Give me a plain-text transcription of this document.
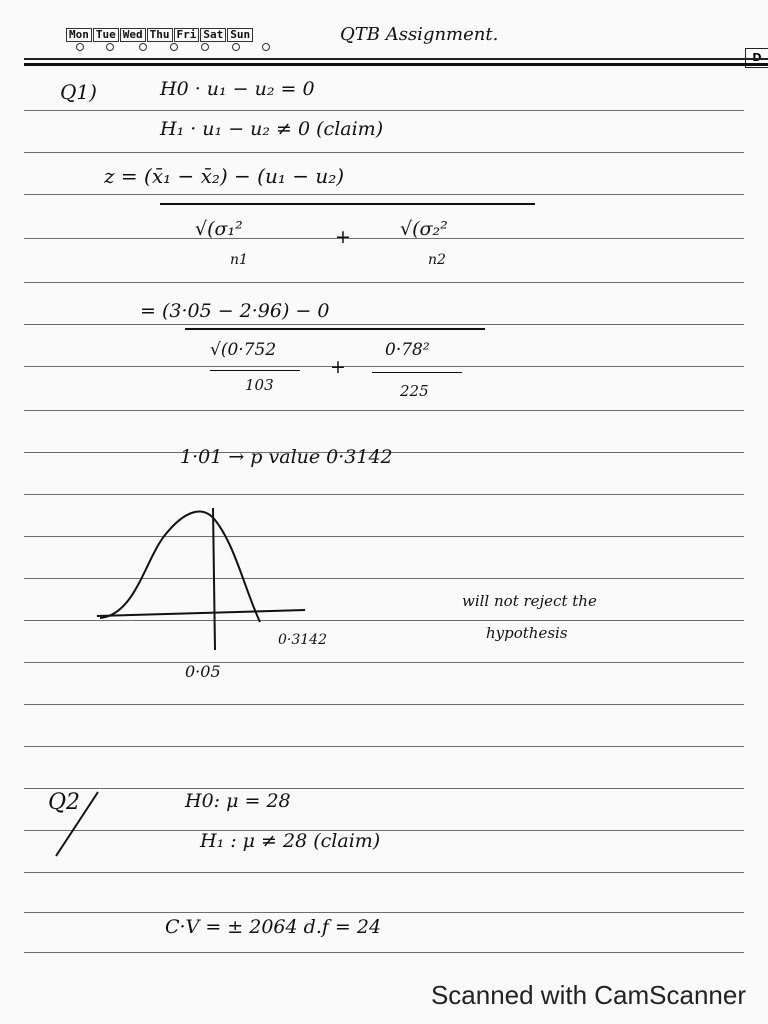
Mon Tue Wed Thu Fri Sat Sun	QTB Assignment.
Q1)	H0 · u₁ − u₂ = 0
H₁ · u₁ − u₂ ≠ 0 (claim)
z = (x̄₁ − x̄₂) − (u₁ − u₂)
√(σ₁²
n1
+	√(σ₂²
n2
= (3·05 − 2·96) − 0
√(0·752
103
+
0·78²
225
1·01 → p value 0·3142
0·3142
0·05
will not reject the
hypothesis
Q2	H0: μ = 28
H₁ : μ ≠ 28 (claim)
C·V = ± 2064 d.f = 24
Scanned with CamScanner
